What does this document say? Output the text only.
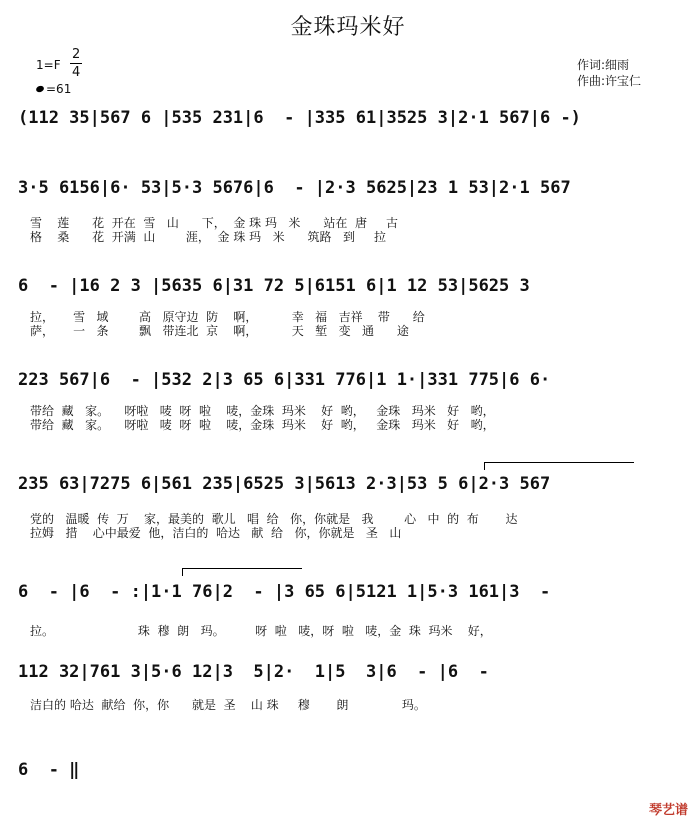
金珠玛米好
1=F
2
4
=61
作词:细雨
作曲:许宝仁
(112 35|567 6 |535 231|6  - |335 61|3525 3|2·1 567|6 -)
3·5 6156|6· 53|5·3 5676|6  - |2·3 5625|23 1 53|2·1 567
雪    莲      花  开在  雪   山      下，  金 珠 玛   米      站在  唐     古
格    桑      花  开满  山        涯，  金 珠 玛   米      筑路   到     拉
6  - |16 2 3 |5635 6|31 72 5|6151 6|1 12 53|5625 3
拉，     雪   域        高   原守边  防    啊，         幸   福   吉祥    带      给
萨，     一   条        飘   带连北  京    啊，         天   堑   变   通      途
223 567|6  - |532 2|3 65 6|331 776|1 1·|331 775|6 6·
带给  藏   家。    呀啦   唛  呀  啦    唛，金珠  玛米    好  哟，   金珠   玛米   好   哟，
带给  藏   家。    呀啦   唛  呀  啦    唛，金珠  玛米    好  哟，   金珠   玛米   好   哟，
235 63|7275 6|561 235|6525 3|5613 2·3|53 5 6|2·3 567
党的   温暖  传  万    家，最美的  歌儿   唱  给   你，你就是   我        心   中  的  布       达
拉姆   措    心中最爱  他，洁白的  哈达   献  给   你，你就是   圣   山
6  - |6  - :|1·1 76|2  - |3 65 6|5121 1|5·3 161|3  -
拉。                      珠  穆  朗   玛。        呀  啦   唛，呀  啦   唛，金  珠  玛米    好，
112 32|761 3|5·6 12|3  5|2·  1|5  3|6  - |6  -
洁白的 哈达  献给  你，你      就是  圣    山 珠     穆       朗              玛。
6  - ‖
琴艺谱
